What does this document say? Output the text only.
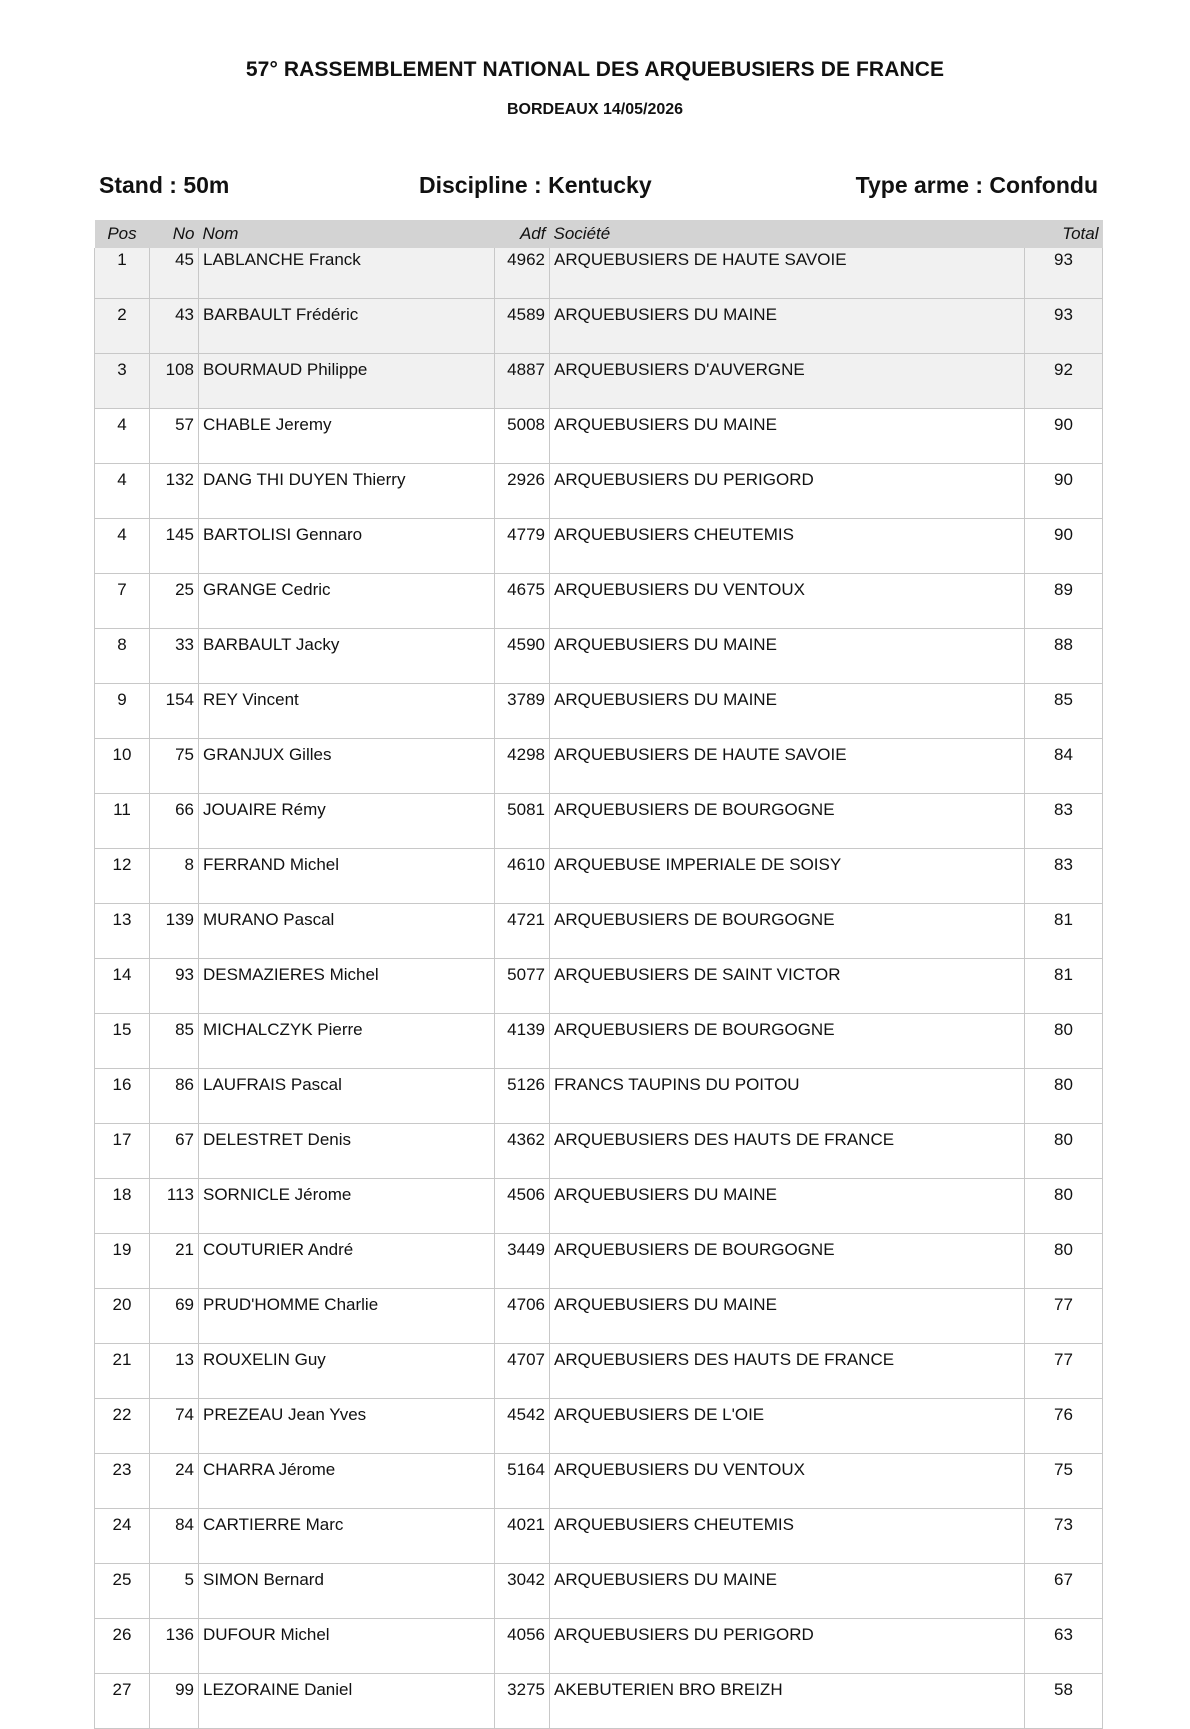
57° RASSEMBLEMENT NATIONAL DES ARQUEBUSIERS DE FRANCE
BORDEAUX 14/05/2026
Stand : 50m	Discipline : Kentucky	Type arme : Confondu
Pos	No	Nom	Adf	Société	Total
1	45	LABLANCHE Franck	4962	ARQUEBUSIERS DE HAUTE SAVOIE	93
2	43	BARBAULT Frédéric	4589	ARQUEBUSIERS DU MAINE	93
3	108	BOURMAUD Philippe	4887	ARQUEBUSIERS D'AUVERGNE	92
4	57	CHABLE Jeremy	5008	ARQUEBUSIERS DU MAINE	90
4	132	DANG THI DUYEN Thierry	2926	ARQUEBUSIERS DU PERIGORD	90
4	145	BARTOLISI Gennaro	4779	ARQUEBUSIERS CHEUTEMIS	90
7	25	GRANGE Cedric	4675	ARQUEBUSIERS DU VENTOUX	89
8	33	BARBAULT Jacky	4590	ARQUEBUSIERS DU MAINE	88
9	154	REY Vincent	3789	ARQUEBUSIERS DU MAINE	85
10	75	GRANJUX Gilles	4298	ARQUEBUSIERS DE HAUTE SAVOIE	84
11	66	JOUAIRE Rémy	5081	ARQUEBUSIERS DE BOURGOGNE	83
12	8	FERRAND Michel	4610	ARQUEBUSE IMPERIALE DE SOISY	83
13	139	MURANO Pascal	4721	ARQUEBUSIERS DE BOURGOGNE	81
14	93	DESMAZIERES Michel	5077	ARQUEBUSIERS DE SAINT VICTOR	81
15	85	MICHALCZYK Pierre	4139	ARQUEBUSIERS DE BOURGOGNE	80
16	86	LAUFRAIS Pascal	5126	FRANCS TAUPINS DU POITOU	80
17	67	DELESTRET Denis	4362	ARQUEBUSIERS DES HAUTS DE FRANCE	80
18	113	SORNICLE Jérome	4506	ARQUEBUSIERS DU MAINE	80
19	21	COUTURIER André	3449	ARQUEBUSIERS DE BOURGOGNE	80
20	69	PRUD'HOMME Charlie	4706	ARQUEBUSIERS DU MAINE	77
21	13	ROUXELIN Guy	4707	ARQUEBUSIERS DES HAUTS DE FRANCE	77
22	74	PREZEAU Jean Yves	4542	ARQUEBUSIERS DE L'OIE	76
23	24	CHARRA Jérome	5164	ARQUEBUSIERS DU VENTOUX	75
24	84	CARTIERRE Marc	4021	ARQUEBUSIERS CHEUTEMIS	73
25	5	SIMON Bernard	3042	ARQUEBUSIERS DU MAINE	67
26	136	DUFOUR Michel	4056	ARQUEBUSIERS DU PERIGORD	63
27	99	LEZORAINE Daniel	3275	AKEBUTERIEN BRO BREIZH	58
